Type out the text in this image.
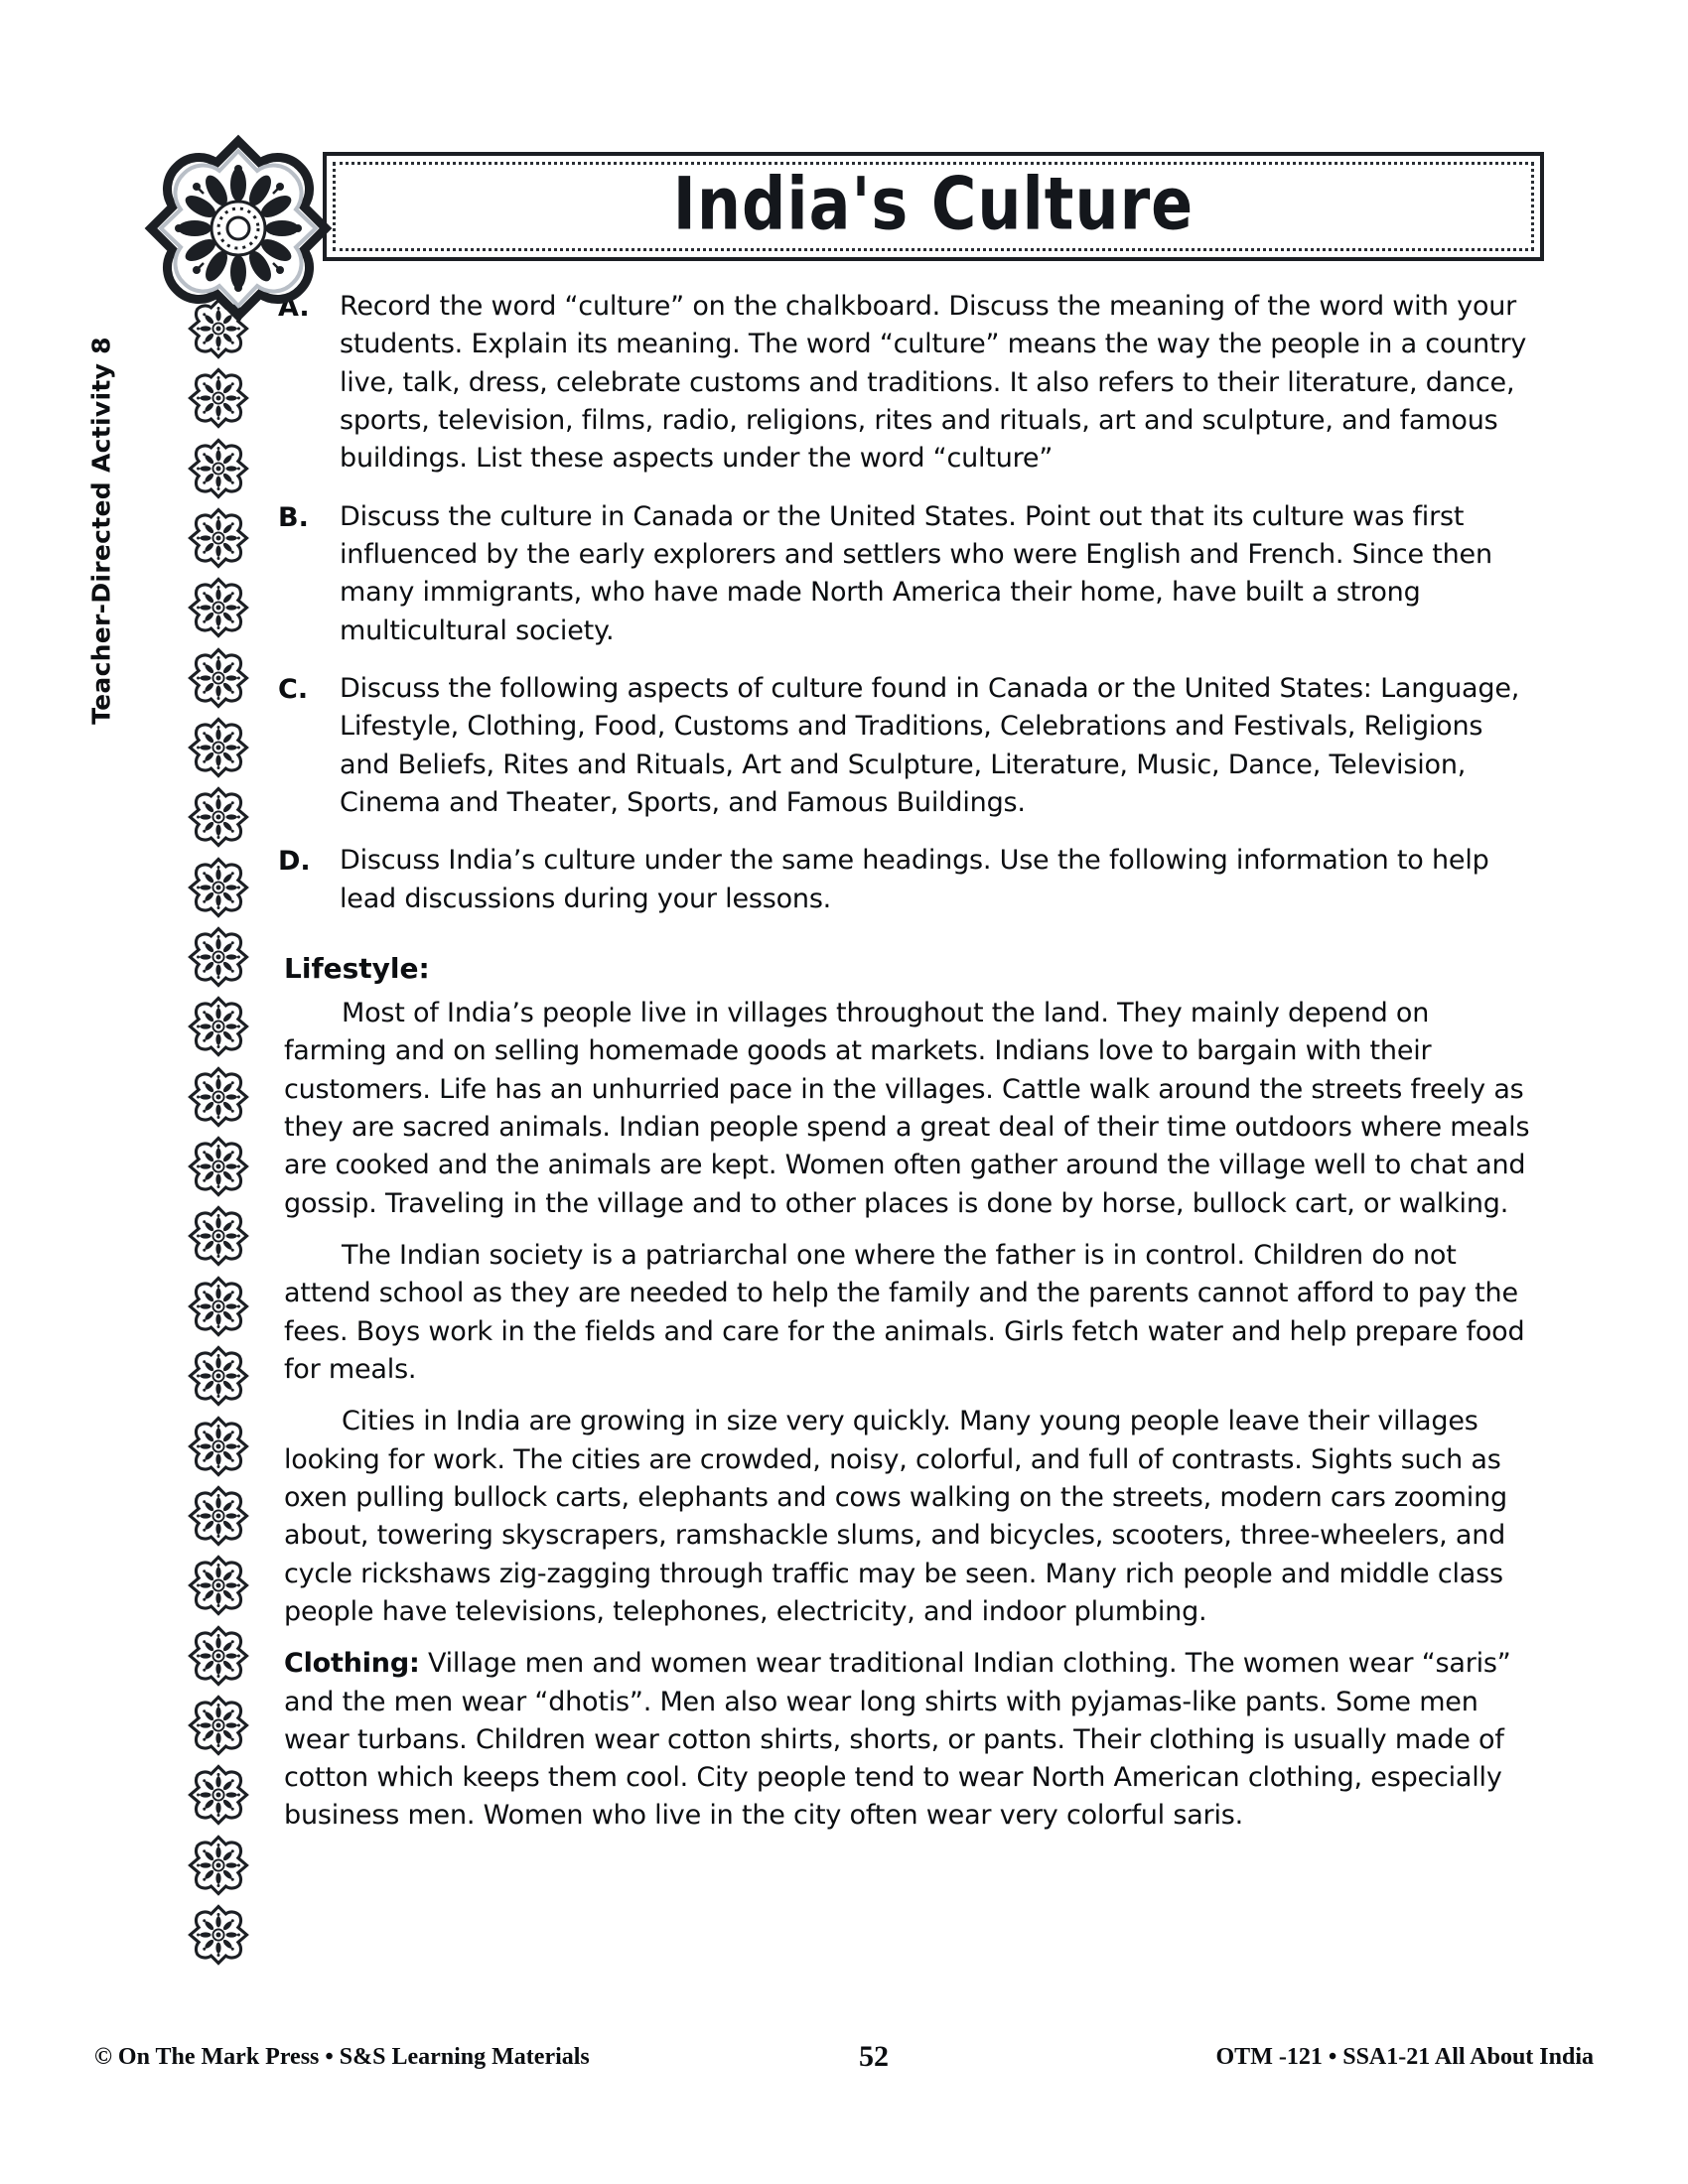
India's Culture
Teacher-Directed Activity 8
A.	Record the word “culture” on the chalkboard. Discuss the meaning of the word with your students. Explain its meaning. The word “culture” means the way the people in a country live, talk, dress, celebrate customs and traditions. It also refers to their literature, dance, sports, television, films, radio, religions, rites and rituals, art and sculpture, and famous buildings. List these aspects under the word “culture”
B.	Discuss the culture in Canada or the United States. Point out that its culture was first influenced by the early explorers and settlers who were English and French. Since then many immigrants, who have made North America their home, have built a strong multicultural society.
C.	Discuss the following aspects of culture found in Canada or the United States: Language, Lifestyle, Clothing, Food, Customs and Traditions, Celebrations and Festivals, Religions and Beliefs, Rites and Rituals, Art and Sculpture, Literature, Music, Dance, Television, Cinema and Theater, Sports, and Famous Buildings.
D.	Discuss India’s culture under the same headings. Use the following information to help lead discussions during your lessons.
Lifestyle:

Most of India’s people live in villages throughout the land. They mainly depend on farming and on selling homemade goods at markets. Indians love to bargain with their customers. Life has an unhurried pace in the villages. Cattle walk around the streets freely as they are sacred animals. Indian people spend a great deal of their time outdoors where meals are cooked and the animals are kept. Women often gather around the village well to chat and gossip. Traveling in the village and to other places is done by horse, bullock cart, or walking.

The Indian society is a patriarchal one where the father is in control. Children do not attend school as they are needed to help the family and the parents cannot afford to pay the fees. Boys work in the fields and care for the animals. Girls fetch water and help prepare food for meals.

Cities in India are growing in size very quickly. Many young people leave their villages looking for work. The cities are crowded, noisy, colorful, and full of contrasts. Sights such as oxen pulling bullock carts, elephants and cows walking on the streets, modern cars zooming about, towering skyscrapers, ramshackle slums, and bicycles, scooters, three-wheelers, and cycle rickshaws zig-zagging through traffic may be seen. Many rich people and middle class people have televisions, telephones, electricity, and indoor plumbing.

Clothing: Village men and women wear traditional Indian clothing. The women wear “saris” and the men wear “dhotis”. Men also wear long shirts with pyjamas-like pants. Some men wear turbans. Children wear cotton shirts, shorts, or pants. Their clothing is usually made of cotton which keeps them cool. City people tend to wear North American clothing, especially business men. Women who live in the city often wear very colorful saris.

© On The Mark Press • S&S Learning Materials	52	OTM -121 • SSA1-21 All About India
